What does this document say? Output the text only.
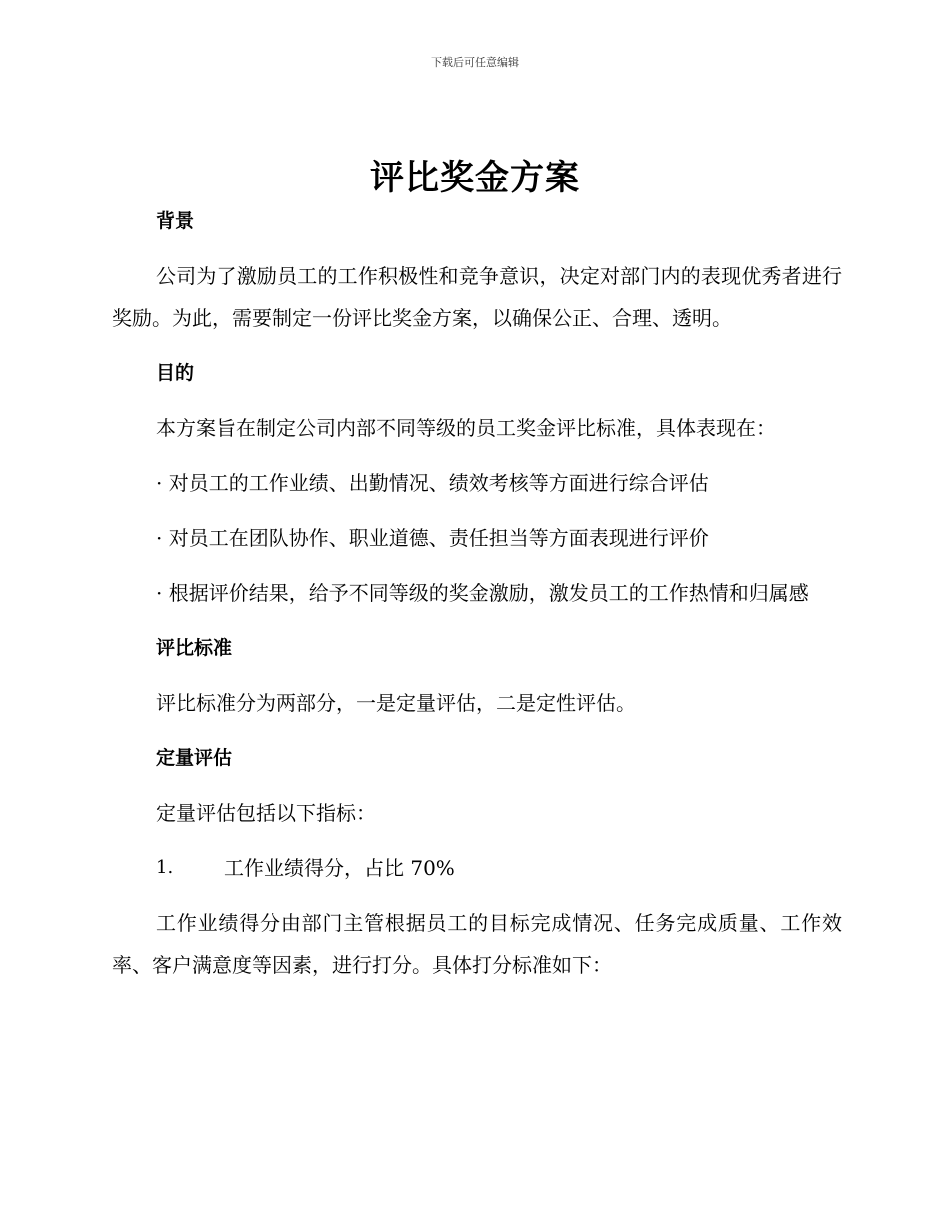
下载后可任意编辑
评比奖金方案

背景

公司为了激励员工的工作积极性和竞争意识，决定对部门内的表现优秀者进行奖励。为此，需要制定一份评比奖金方案，以确保公正、合理、透明。

目的

本方案旨在制定公司内部不同等级的员工奖金评比标准，具体表现在：

· 对员工的工作业绩、出勤情况、绩效考核等方面进行综合评估

· 对员工在团队协作、职业道德、责任担当等方面表现进行评价

· 根据评价结果，给予不同等级的奖金激励，激发员工的工作热情和归属感

评比标准

评比标准分为两部分，一是定量评估，二是定性评估。

定量评估

定量评估包括以下指标：

1.	工作业绩得分，占比 70%

工作业绩得分由部门主管根据员工的目标完成情况、任务完成质量、工作效率、客户满意度等因素，进行打分。具体打分标准如下：
